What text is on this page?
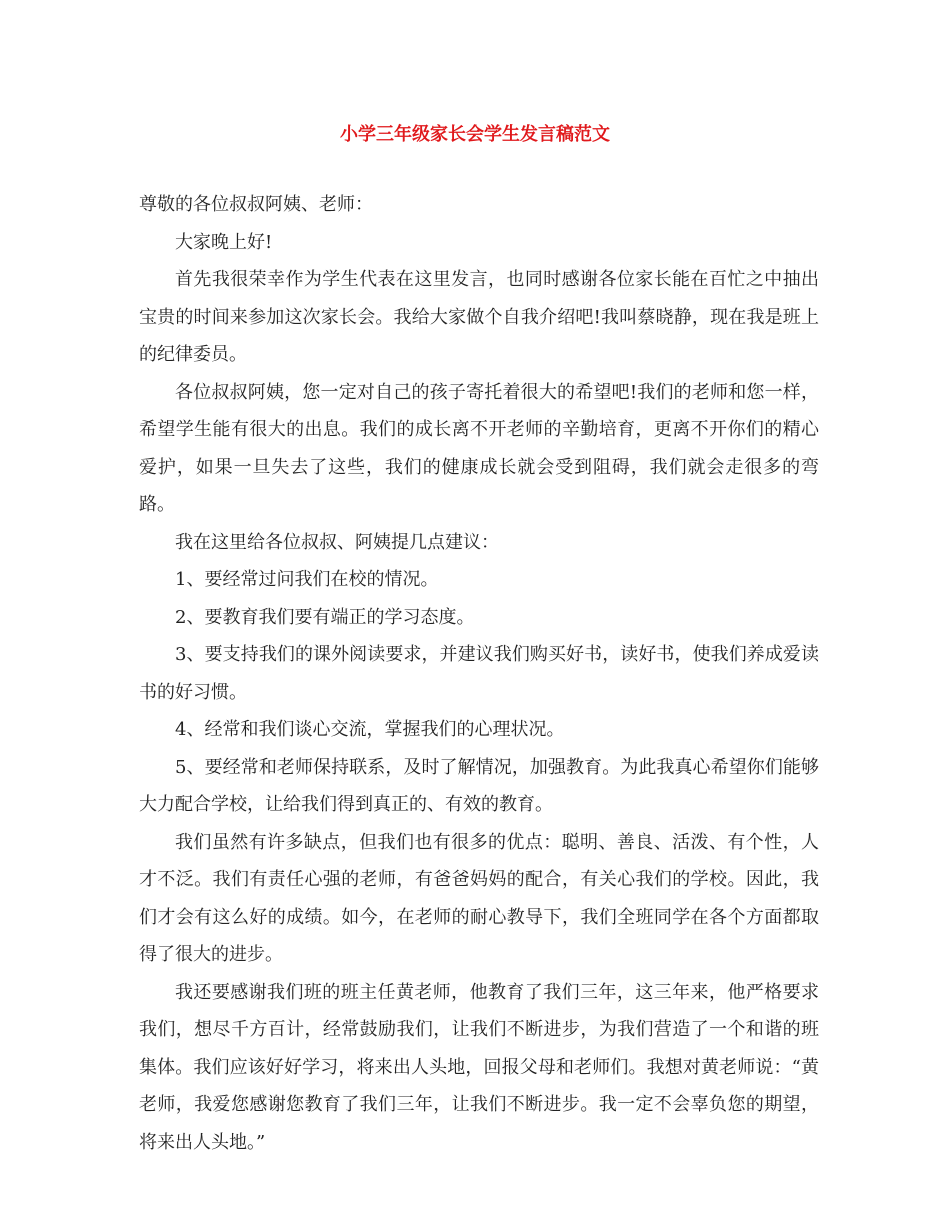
小学三年级家长会学生发言稿范文

尊敬的各位叔叔阿姨、老师：

大家晚上好!

首先我很荣幸作为学生代表在这里发言，也同时感谢各位家长能在百忙之中抽出宝贵的时间来参加这次家长会。我给大家做个自我介绍吧!我叫蔡晓静，现在我是班上的纪律委员。

各位叔叔阿姨，您一定对自己的孩子寄托着很大的希望吧!我们的老师和您一样，希望学生能有很大的出息。我们的成长离不开老师的辛勤培育，更离不开你们的精心爱护，如果一旦失去了这些，我们的健康成长就会受到阻碍，我们就会走很多的弯路。

我在这里给各位叔叔、阿姨提几点建议：

1、要经常过问我们在校的情况。

2、要教育我们要有端正的学习态度。

3、要支持我们的课外阅读要求，并建议我们购买好书，读好书，使我们养成爱读书的好习惯。

4、经常和我们谈心交流，掌握我们的心理状况。

5、要经常和老师保持联系，及时了解情况，加强教育。为此我真心希望你们能够大力配合学校，让给我们得到真正的、有效的教育。

我们虽然有许多缺点，但我们也有很多的优点：聪明、善良、活泼、有个性，人才不泛。我们有责任心强的老师，有爸爸妈妈的配合，有关心我们的学校。因此，我们才会有这么好的成绩。如今，在老师的耐心教导下，我们全班同学在各个方面都取得了很大的进步。

我还要感谢我们班的班主任黄老师，他教育了我们三年，这三年来，他严格要求我们，想尽千方百计，经常鼓励我们，让我们不断进步，为我们营造了一个和谐的班集体。我们应该好好学习，将来出人头地，回报父母和老师们。我想对黄老师说：“黄老师，我爱您感谢您教育了我们三年，让我们不断进步。我一定不会辜负您的期望，将来出人头地。”
